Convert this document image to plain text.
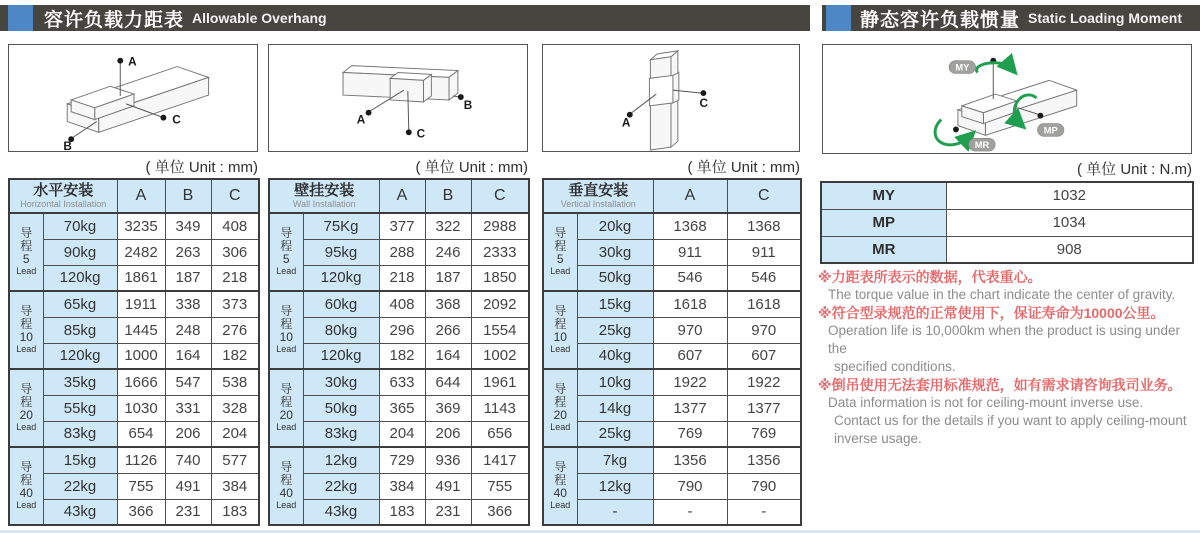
容许负载力距表 Allowable Overhang	静态容许负载惯量 Static Loading Moment
A
B
C	A
B
C
A
C
MY
MP
MR
( 单位 Unit : mm)	( 单位 Unit : mm)	( 单位 Unit : mm)	( 单位 Unit : N.m)
水平安装
Horizontal Installation		A	B	C

导
程
5
Lead	70kg	3235	349	408
	90kg	2482	263	306
	120kg	1861	187	218

导
程
10
Lead	65kg	1911	338	373
	85kg	1445	248	276
	120kg	1000	164	182

导
程
20
Lead	35kg	1666	547	538
	55kg	1030	331	328
	83kg	654	206	204

导
程
40
Lead	15kg	1126	740	577
	22kg	755	491	384
	43kg	366	231	183
壁挂安装
Wall Installation		A	B	C

导
程
5
Lead	75Kg	377	322	2988
	95kg	288	246	2333
	120kg	218	187	1850

导
程
10
Lead	60kg	408	368	2092
	80kg	296	266	1554
	120kg	182	164	1002

导
程
20
Lead	30kg	633	644	1961
	50kg	365	369	1143
	83kg	204	206	656

导
程
40
Lead	12kg	729	936	1417
	22kg	384	491	755
	43kg	183	231	366
垂直安装
Vertical Installation		A	C

导
程
5
Lead	20kg	1368	1368
	30kg	911	911
	50kg	546	546

导
程
10
Lead	15kg	1618	1618
	25kg	970	970
	40kg	607	607

导
程
20
Lead	10kg	1922	1922
	14kg	1377	1377
	25kg	769	769

导
程
40
Lead	7kg	1356	1356
	12kg	790	790
	-	-	-
MY	1032
MP	1034
MR	908
※力距表所表示的数据，代表重心。
The torque value in the chart indicate the center of gravity.
※符合型录规范的正常使用下，保证寿命为10000公里。
Operation life is 10,000km when the product is using under the
specified conditions.
※倒吊使用无法套用标准规范，如有需求请咨询我司业务。
Data information is not for ceiling-mount inverse use.
Contact us for the details if you want to apply ceiling-mount
inverse usage.
